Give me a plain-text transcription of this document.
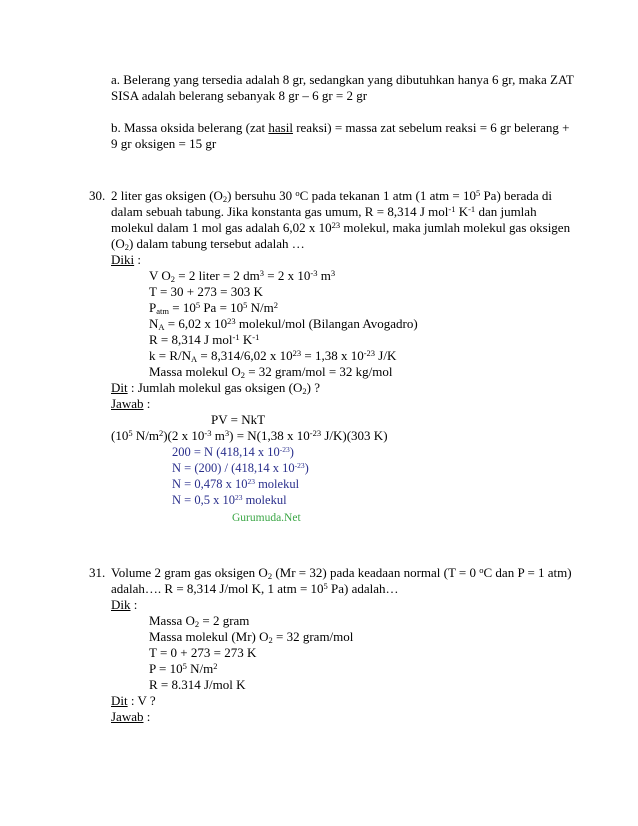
a. Belerang yang tersedia adalah 8 gr, sedangkan yang dibutuhkan hanya 6 gr, maka ZAT
SISA adalah belerang sebanyak 8 gr – 6 gr = 2 gr
b. Massa oksida belerang (zat hasil reaksi) = massa zat sebelum reaksi = 6 gr belerang +
9 gr oksigen = 15 gr
30. 2 liter gas oksigen $(O_2)$ bersuhu 30 $^o$C pada tekanan 1 atm (1 atm = $10^5$ Pa) berada di
dalam sebuah tabung. Jika konstanta gas umum, R = 8,314 J mol$^{-1}$ $K^{-1}$ dan jumlah
molekul dalam 1 mol gas adalah 6,02 x $10^{23}$ molekul, maka jumlah molekul gas oksigen
$(O_2)$ dalam tabung tersebut adalah …
Diki :
V $O_2 = 2$ liter = 2 $dm^3 = 2$ x $10^{-3}$ $m^3$
T = 30 + 273 = 303 K
$P_{atm} = 10^5$ $Pa = 10^5$ $N/m^2$
$N_A = 6,02$ x $10^{23}$ molekul/mol (Bilangan Avogadro)
R = 8,314 J mol$^{-1}$ $K^{-1}$
$k = R/N_A = 8,314/6,02$ x $10^{23} = 1,38$ x $10^{-23}$ J/K
Massa molekul $O_2 = 32$ gram/mol = 32 kg/mol
Dit : Jumlah molekul gas oksigen $(O_2)$ ?
Jawab :
PV = NkT
($10^5$ $N/m^2)(2$ x $10^{-3}$ $m^3) = N(1,38$ x $10^{-23}$ J/K)(303 K)
200 = N (418,14 x $10^{-23}$)
N = (200) / (418,14 x $10^{-23}$)
N = 0,478 x $10^{23}$ molekul
N = 0,5 x $10^{23}$ molekul
Gurumuda.Net
31. Volume 2 gram gas oksigen $O_2$ (Mr = 32) pada keadaan normal (T = 0 $^o$C dan P = 1 atm)
adalah…. R = 8,314 J/mol K, 1 atm = $10^5$ Pa) adalah…
Dik :
Massa $O_2 = 2$ gram
Massa molekul (Mr) $O_2 = 32$ gram/mol
T = 0 + 273 = 273 K
$P = 10^5$ $N/m^2$
R = 8.314 J/mol K
Dit : V ?
Jawab :
